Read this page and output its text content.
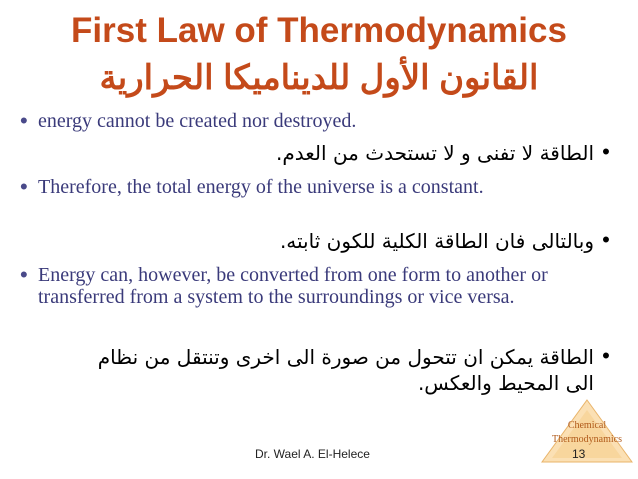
First Law of Thermodynamics
القانون الأول للديناميكا الحرارية
• energy cannot be created nor destroyed.
•
الطاقة لا تفنى و لا تستحدث من العدم.
• Therefore, the total energy of the universe is a constant.
•
وبالتالى فان الطاقة الكلية للكون ثابته.
• Energy can, however, be converted from one form to another or transferred from a system to the surroundings or vice versa.
•
الطاقة يمكن ان تتحول من صورة الى اخرى وتنتقل من نظام الى المحيط والعكس.
Dr. Wael A. El-Helece
Chemical
Thermodynamics
13
